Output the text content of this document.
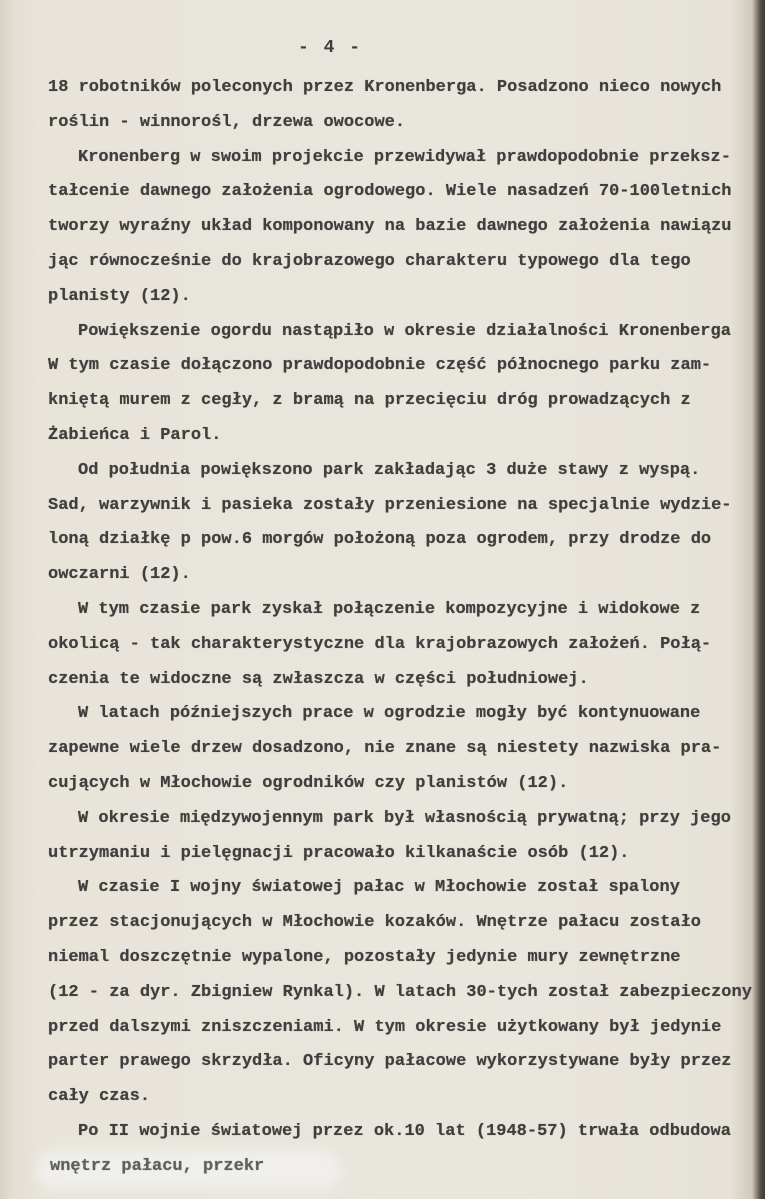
- 4 -
18 robotników poleconych przez Kronenberga. Posadzono nieco nowych
roślin - winnorośl, drzewa owocowe.
Kronenberg w swoim projekcie przewidywał prawdopodobnie przeksz-
tałcenie dawnego założenia ogrodowego. Wiele nasadzeń 70-100letnich
tworzy wyraźny układ komponowany na bazie dawnego założenia nawiązu
jąc równocześnie do krajobrazowego charakteru typowego dla tego
planisty (12).
Powiększenie ogordu nastąpiło w okresie działalności Kronenberga
W tym czasie dołączono prawdopodobnie część północnego parku zam-
kniętą murem z cegły, z bramą na przecięciu dróg prowadzących z
Żabieńca i Parol.
Od południa powiększono park zakładając 3 duże stawy z wyspą.
Sad, warzywnik i pasieka zostały przeniesione na specjalnie wydzie-
loną działkę p pow.6 morgów położoną poza ogrodem, przy drodze do
owczarni (12).
W tym czasie park zyskał połączenie kompozycyjne i widokowe z
okolicą - tak charakterystyczne dla krajobrazowych założeń. Połą-
czenia te widoczne są zwłaszcza w części południowej.
W latach późniejszych prace w ogrodzie mogły być kontynuowane
zapewne wiele drzew dosadzono, nie znane są niestety nazwiska pra-
cujących w Młochowie ogrodników czy planistów (12).
W okresie międzywojennym park był własnością prywatną; przy jego
utrzymaniu i pielęgnacji pracowało kilkanaście osób (12).
W czasie I wojny światowej pałac w Młochowie został spalony
przez stacjonujących w Młochowie kozaków. Wnętrze pałacu zostało
niemal doszczętnie wypalone, pozostały jedynie mury zewnętrzne
(12 - za dyr. Zbigniew Rynkal). W latach 30-tych został zabezpieczony
przed dalszymi zniszczeniami. W tym okresie użytkowany był jedynie
parter prawego skrzydła. Oficyny pałacowe wykorzystywane były przez
cały czas.
Po II wojnie światowej przez ok.10 lat (1948-57) trwała odbudowa
wnętrz pałacu, przekr
